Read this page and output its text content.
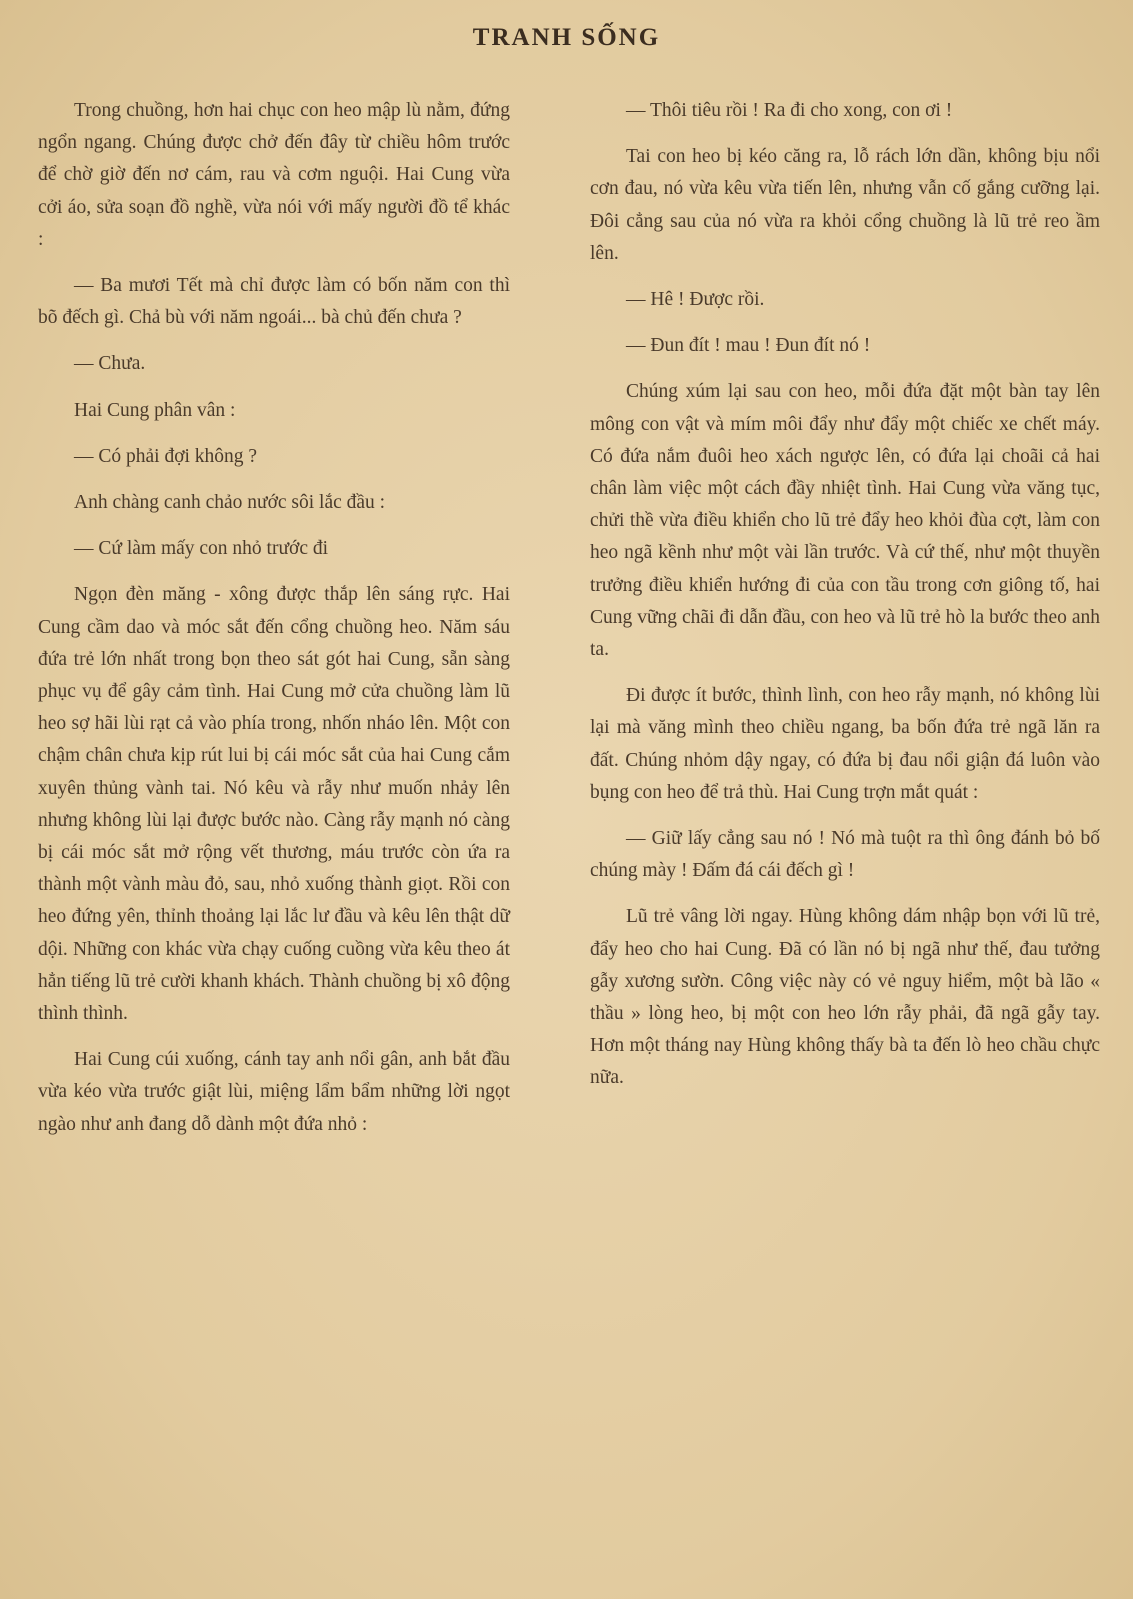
TRANH SỐNG

Trong chuồng, hơn hai chục con heo mập lù nằm, đứng ngổn ngang. Chúng được chở đến đây từ chiều hôm trước để chờ giờ đến nơ cám, rau và cơm nguội. Hai Cung vừa cởi áo, sửa soạn đồ nghề, vừa nói với mấy người đồ tể khác :

— Ba mươi Tết mà chỉ được làm có bốn năm con thì bõ đếch gì. Chả bù với năm ngoái... bà chủ đến chưa ?

— Chưa.

Hai Cung phân vân :

— Có phải đợi không ?

Anh chàng canh chảo nước sôi lắc đầu :

— Cứ làm mấy con nhỏ trước đi

Ngọn đèn măng - xông được thắp lên sáng rực. Hai Cung cầm dao và móc sắt đến cổng chuồng heo. Năm sáu đứa trẻ lớn nhất trong bọn theo sát gót hai Cung, sẵn sàng phục vụ để gây cảm tình. Hai Cung mở cửa chuồng làm lũ heo sợ hãi lùi rạt cả vào phía trong, nhốn nháo lên. Một con chậm chân chưa kịp rút lui bị cái móc sắt của hai Cung cắm xuyên thủng vành tai. Nó kêu và rẫy như muốn nhảy lên nhưng không lùi lại được bước nào. Càng rẫy mạnh nó càng bị cái móc sắt mở rộng vết thương, máu trước còn ứa ra thành một vành màu đỏ, sau, nhỏ xuống thành giọt. Rồi con heo đứng yên, thỉnh thoảng lại lắc lư đầu và kêu lên thật dữ dội. Những con khác vừa chạy cuống cuồng vừa kêu theo át hẳn tiếng lũ trẻ cười khanh khách. Thành chuồng bị xô động thình thình.

Hai Cung cúi xuống, cánh tay anh nổi gân, anh bắt đầu vừa kéo vừa trước giật lùi, miệng lẩm bẩm những lời ngọt ngào như anh đang dỗ dành một đứa nhỏ :

— Thôi tiêu rồi ! Ra đi cho xong, con ơi !

Tai con heo bị kéo căng ra, lỗ rách lớn dần, không bịu nổi cơn đau, nó vừa kêu vừa tiến lên, nhưng vẫn cố gắng cưỡng lại. Đôi cẳng sau của nó vừa ra khỏi cổng chuồng là lũ trẻ reo ầm lên.

— Hê ! Được rồi.

— Đun đít ! mau ! Đun đít nó !

Chúng xúm lại sau con heo, mỗi đứa đặt một bàn tay lên mông con vật và mím môi đẩy như đẩy một chiếc xe chết máy. Có đứa nắm đuôi heo xách ngược lên, có đứa lại choãi cả hai chân làm việc một cách đầy nhiệt tình. Hai Cung vừa văng tục, chửi thề vừa điều khiển cho lũ trẻ đẩy heo khỏi đùa cợt, làm con heo ngã kềnh như một vài lần trước. Và cứ thế, như một thuyền trưởng điều khiển hướng đi của con tầu trong cơn giông tố, hai Cung vững chãi đi dẫn đầu, con heo và lũ trẻ hò la bước theo anh ta.

Đi được ít bước, thình lình, con heo rẫy mạnh, nó không lùi lại mà văng mình theo chiều ngang, ba bốn đứa trẻ ngã lăn ra đất. Chúng nhỏm dậy ngay, có đứa bị đau nổi giận đá luôn vào bụng con heo để trả thù. Hai Cung trợn mắt quát :

— Giữ lấy cẳng sau nó ! Nó mà tuột ra thì ông đánh bỏ bố chúng mày ! Đấm đá cái đếch gì !

Lũ trẻ vâng lời ngay. Hùng không dám nhập bọn với lũ trẻ, đẩy heo cho hai Cung. Đã có lần nó bị ngã như thế, đau tưởng gẫy xương sườn. Công việc này có vẻ nguy hiểm, một bà lão « thầu » lòng heo, bị một con heo lớn rẫy phải, đã ngã gẫy tay. Hơn một tháng nay Hùng không thấy bà ta đến lò heo chầu chực nữa.
